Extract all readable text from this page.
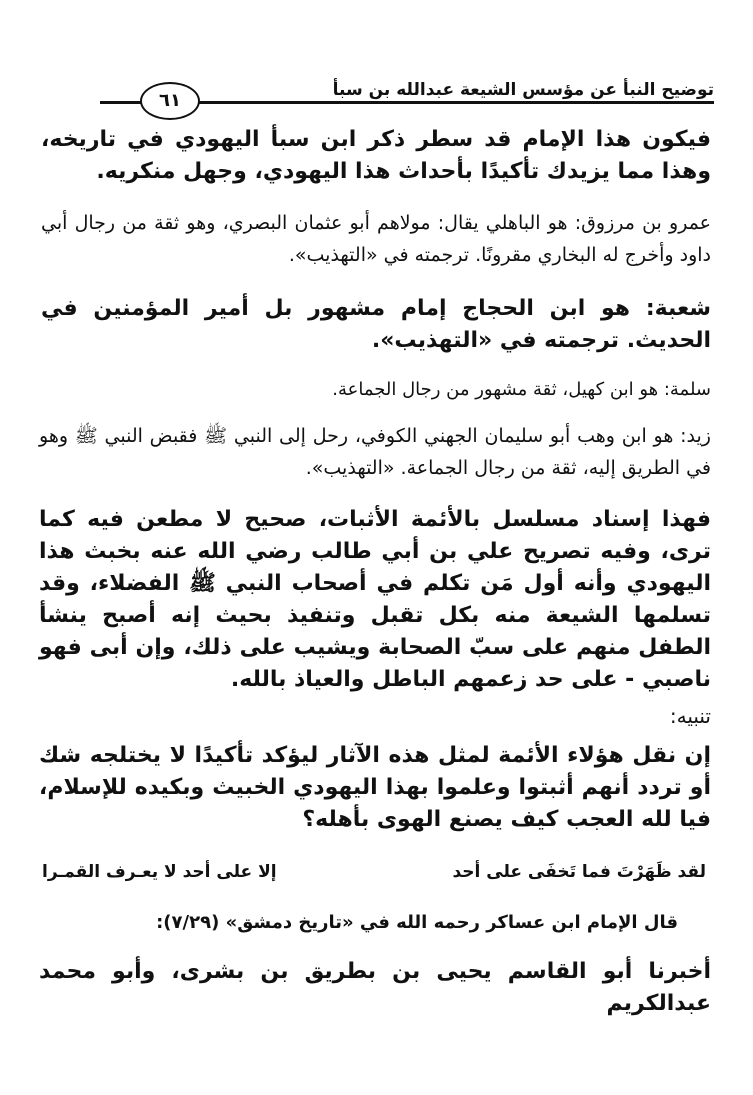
توضيح النبأ عن مؤسس الشيعة عبدالله بن سبأ
٦١

فيكون هذا الإمام قد سطر ذكر ابن سبأ اليهودي في تاريخه، وهذا مما يزيدك تأكيدًا بأحداث هذا اليهودي، وجهل منكريه.

عمرو بن مرزوق: هو الباهلي يقال: مولاهم أبو عثمان البصري، وهو ثقة من رجال أبي داود وأخرج له البخاري مقرونًا. ترجمته في «التهذيب».

شعبة: هو ابن الحجاج إمام مشهور بل أمير المؤمنين في الحديث. ترجمته في «التهذيب».

سلمة: هو ابن كهيل، ثقة مشهور من رجال الجماعة.

زيد: هو ابن وهب أبو سليمان الجهني الكوفي، رحل إلى النبي ﷺ فقبض النبي ﷺ وهو في الطريق إليه، ثقة من رجال الجماعة. «التهذيب».

فهذا إسناد مسلسل بالأئمة الأثبات، صحيح لا مطعن فيه كما ترى، وفيه تصريح علي بن أبي طالب رضي الله عنه بخبث هذا اليهودي وأنه أول مَن تكلم في أصحاب النبي ﷺ الفضلاء، وقد تسلمها الشيعة منه بكل تقبل وتنفيذ بحيث إنه أصبح ينشأ الطفل منهم على سبّ الصحابة ويشيب على ذلك، وإن أبى فهو ناصبي - على حد زعمهم الباطل والعياذ بالله.

تنبيه:

إن نقل هؤلاء الأئمة لمثل هذه الآثار ليؤكد تأكيدًا لا يختلجه شك أو تردد أنهم أثبتوا وعلموا بهذا اليهودي الخبيث وبكيده للإسلام، فيا لله العجب كيف يصنع الهوى بأهله؟

لقد ظَهَرْتَ فما تَخفَى على أحد
إلا على أحد لا يعـرف القمـرا

قال الإمام ابن عساكر رحمه الله في «تاريخ دمشق» (٧/٢٩):

أخبرنا أبو القاسم يحيى بن بطريق بن بشرى، وأبو محمد عبدالكريم
